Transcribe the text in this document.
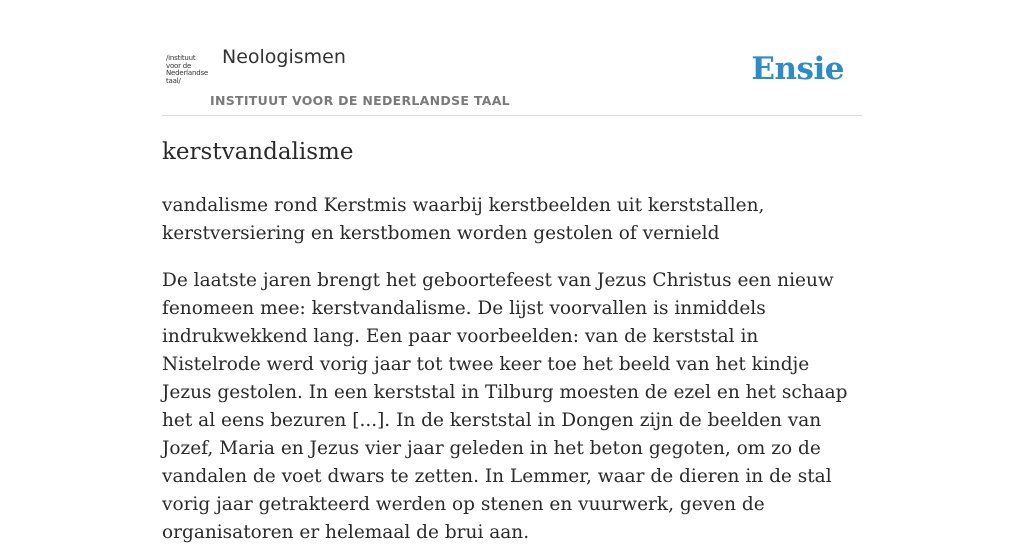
/instituut
voor de
Nederlandse
taal/
Neologismen
INSTITUUT VOOR DE NEDERLANDSE TAAL
Ensie
kerstvandalisme

vandalisme rond Kerstmis waarbij kerstbeelden uit kerststallen, kerstversiering en kerstbomen worden gestolen of vernield

De laatste jaren brengt het geboortefeest van Jezus Christus een nieuw fenomeen mee: kerstvandalisme. De lijst voorvallen is inmiddels indrukwekkend lang. Een paar voorbeelden: van de kerststal in Nistelrode werd vorig jaar tot twee keer toe het beeld van het kindje Jezus gestolen. In een kerststal in Tilburg moesten de ezel en het schaap het al eens bezuren [...]. In de kerststal in Dongen zijn de beelden van Jozef, Maria en Jezus vier jaar geleden in het beton gegoten, om zo de vandalen de voet dwars te zetten. In Lemmer, waar de dieren in de stal vorig jaar getrakteerd werden op stenen en vuurwerk, geven de organisatoren er helemaal de brui aan.
